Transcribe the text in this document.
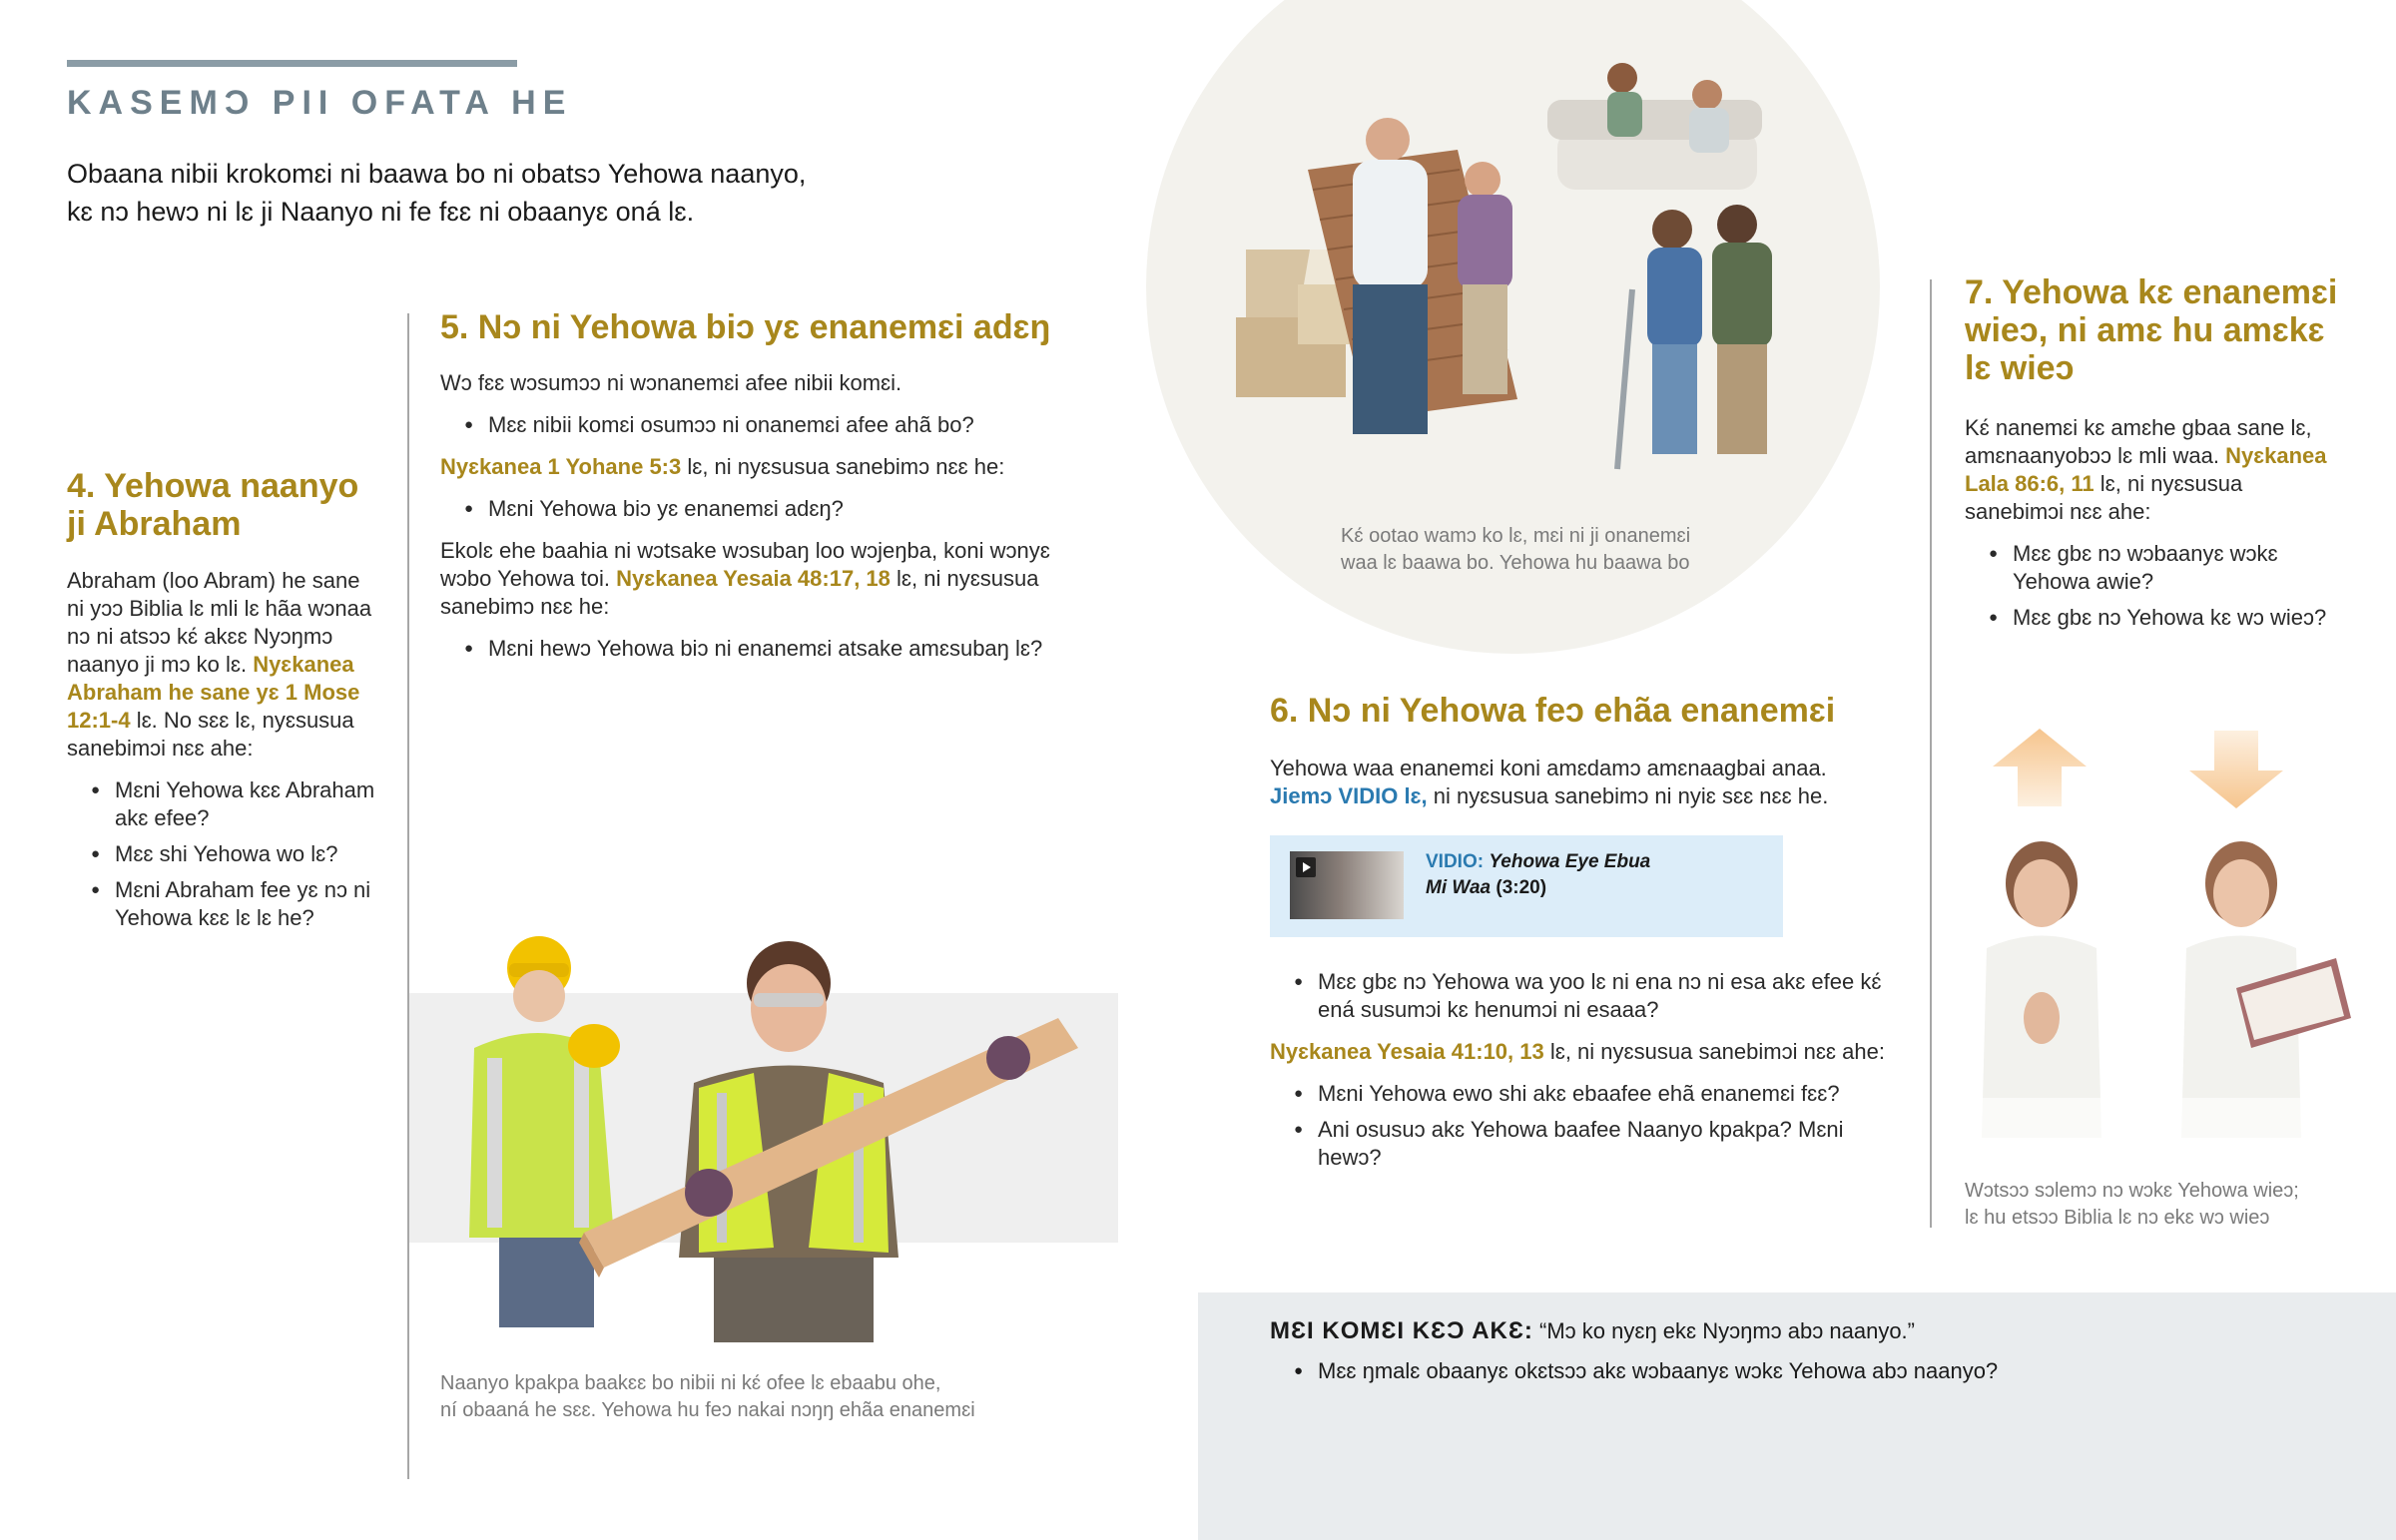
KASEMƆ PII OFATA HE
Obaana nibii krokomɛi ni baawa bo ni obatsɔ Yehowa naanyo,
kɛ nɔ hewɔ ni lɛ ji Naanyo ni fe fɛɛ ni obaanyɛ oná lɛ.
4. Yehowa naanyo
ji Abraham

Abraham (loo Abram) he sane ni yɔɔ Biblia lɛ mli lɛ hãa wɔnaa nɔ ni atsɔɔ kɛ́ akɛɛ Nyɔŋmɔ naanyo ji mɔ ko lɛ. Nyɛkanea Abraham he sane yɛ 1 Mose 12:1-4 lɛ. No sɛɛ lɛ, nyɛsusua sanebimɔi nɛɛ ahe:

● Mɛni Yehowa kɛɛ Abraham akɛ efee?
● Mɛɛ shi Yehowa wo lɛ?
● Mɛni Abraham fee yɛ nɔ ni Yehowa kɛɛ lɛ lɛ he?
5. Nɔ ni Yehowa biɔ yɛ enanemɛi adɛŋ

Wɔ fɛɛ wɔsumɔɔ ni wɔnanemɛi afee nibii komɛi.

● Mɛɛ nibii komɛi osumɔɔ ni onanemɛi afee ahã bo?

Nyɛkanea 1 Yohane 5:3 lɛ, ni nyɛsusua sanebimɔ nɛɛ he:

● Mɛni Yehowa biɔ yɛ enanemɛi adɛŋ?

Ekolɛ ehe baahia ni wɔtsake wɔsubaŋ loo wɔjeŋba, koni wɔnyɛ wɔbo Yehowa toi. Nyɛkanea Yesaia 48:17, 18 lɛ, ni nyɛsusua sanebimɔ nɛɛ he:

● Mɛni hewɔ Yehowa biɔ ni enanemɛi atsake amɛsubaŋ lɛ?
Naanyo kpakpa baakɛɛ bo nibii ni kɛ́ ofee lɛ ebaabu ohe,
ní obaaná he sɛɛ. Yehowa hu feɔ nakai nɔŋŋ ehãa enanemɛi
Kɛ́ ootao wamɔ ko lɛ, mɛi ni ji onanemɛi
waa lɛ baawa bo. Yehowa hu baawa bo
6. Nɔ ni Yehowa feɔ ehãa enanemɛi

Yehowa waa enanemɛi koni amɛdamɔ amɛnaagbai anaa.

Jiemɔ VIDIO lɛ, ni nyɛsusua sanebimɔ ni nyiɛ sɛɛ nɛɛ he.

VIDIO: Yehowa Eye Ebua
Mi Waa (3:20)
● Mɛɛ gbɛ nɔ Yehowa wa yoo lɛ ni ena nɔ ni esa akɛ efee kɛ́ ená susumɔi kɛ henumɔi ni esaaa?

Nyɛkanea Yesaia 41:10, 13 lɛ, ni nyɛsusua sanebimɔi nɛɛ ahe:

● Mɛni Yehowa ewo shi akɛ ebaafee ehã enanemɛi fɛɛ?
● Ani osusuɔ akɛ Yehowa baafee Naanyo kpakpa? Mɛni hewɔ?
7. Yehowa kɛ enanemɛi
wieɔ, ni amɛ hu amɛkɛ
lɛ wieɔ

Kɛ́ nanemɛi kɛ amɛhe gbaa sane lɛ, amɛnaanyobɔɔ lɛ mli waa. Nyɛkanea Lala 86:6, 11 lɛ, ni nyɛsusua sanebimɔi nɛɛ ahe:

● Mɛɛ gbɛ nɔ wɔbaanyɛ wɔkɛ Yehowa awie?
● Mɛɛ gbɛ nɔ Yehowa kɛ wɔ wieɔ?
Wɔtsɔɔ sɔlemɔ nɔ wɔkɛ Yehowa wieɔ;
lɛ hu etsɔɔ Biblia lɛ nɔ ekɛ wɔ wieɔ
MƐI KOMƐI KƐƆ AKƐ: “Mɔ ko nyɛŋ ekɛ Nyɔŋmɔ abɔ naanyo.”
● Mɛɛ ŋmalɛ obaanyɛ okɛtsɔɔ akɛ wɔbaanyɛ wɔkɛ Yehowa abɔ naanyo?
